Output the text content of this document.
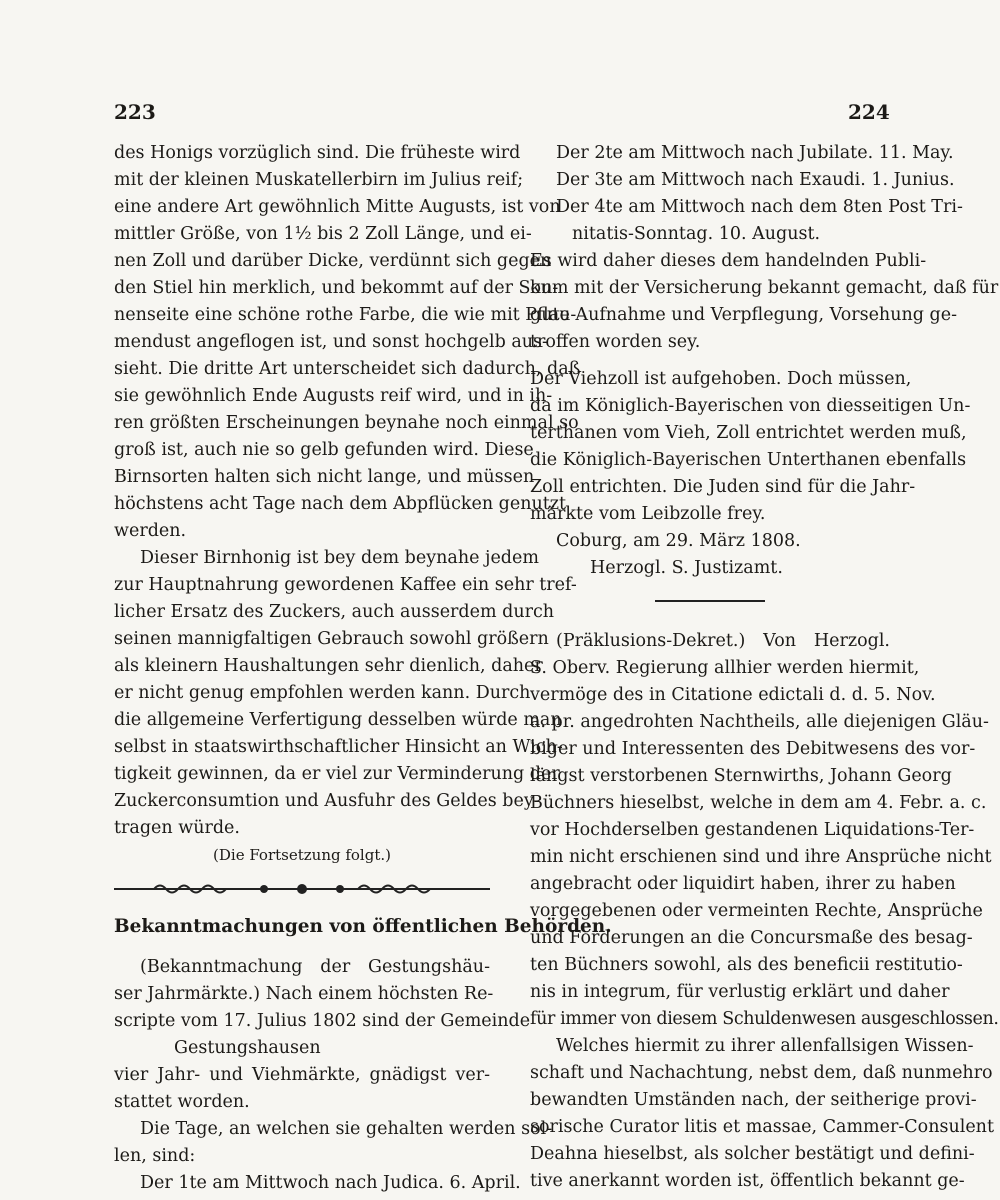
223	224
des Honigs vorzüglich sind. Die früheste wird
mit der kleinen Muskatellerbirn im Julius reif;
eine andere Art gewöhnlich Mitte Augusts, ist von
mittler Größe, von 1½ bis 2 Zoll Länge, und ei-
nen Zoll und darüber Dicke, verdünnt sich gegen
den Stiel hin merklich, und bekommt auf der Son-
nenseite eine schöne rothe Farbe, die wie mit Pflau-
mendust angeflogen ist, und sonst hochgelb aus-
sieht. Die dritte Art unterscheidet sich dadurch, daß
sie gewöhnlich Ende Augusts reif wird, und in ih-
ren größten Erscheinungen beynahe noch einmal so
groß ist, auch nie so gelb gefunden wird. Diese
Birnsorten halten sich nicht lange, und müssen
höchstens acht Tage nach dem Abpflücken genutzt
werden.
Dieser Birnhonig ist bey dem beynahe jedem
zur Hauptnahrung gewordenen Kaffee ein sehr tref-
licher Ersatz des Zuckers, auch ausserdem durch
seinen mannigfaltigen Gebrauch sowohl größern
als kleinern Haushaltungen sehr dienlich, daher
er nicht genug empfohlen werden kann. Durch
die allgemeine Verfertigung desselben würde man
selbst in staatswirthschaftlicher Hinsicht an Wich-
tigkeit gewinnen, da er viel zur Verminderung der
Zuckerconsumtion und Ausfuhr des Geldes bey-
tragen würde.
(Die Fortsetzung folgt.)
Bekanntmachungen von öffentlichen Behörden.
(Bekanntmachung der Gestungshäu-
ser Jahrmärkte.) Nach einem höchsten Re-
scripte vom 17. Julius 1802 sind der Gemeinde
Gestungshausen
vier Jahr- und Viehmärkte, gnädigst ver-
stattet worden.
Die Tage, an welchen sie gehalten werden sol-
len, sind:
Der 1te am Mittwoch nach Judica. 6. April.
Der 2te am Mittwoch nach Jubilate. 11. May.
Der 3te am Mittwoch nach Exaudi. 1. Junius.
Der 4te am Mittwoch nach dem 8ten Post Tri-
nitatis-Sonntag. 10. August.
Es wird daher dieses dem handelnden Publi-
kum mit der Versicherung bekannt gemacht, daß für
gute Aufnahme und Verpflegung, Vorsehung ge-
troffen worden sey.
Der Viehzoll ist aufgehoben. Doch müssen,
da im Königlich-Bayerischen von diesseitigen Un-
terthanen vom Vieh, Zoll entrichtet werden muß,
die Königlich-Bayerischen Unterthanen ebenfalls
Zoll entrichten. Die Juden sind für die Jahr-
märkte vom Leibzolle frey.
Coburg, am 29. März 1808.
Herzogl. S. Justizamt.
(Präklusions-Dekret.) Von Herzogl.
S. Oberv. Regierung allhier werden hiermit,
vermöge des in Citatione edictali d. d. 5. Nov.
a. pr. angedrohten Nachtheils, alle diejenigen Gläu-
biger und Interessenten des Debitwesens des vor-
längst verstorbenen Sternwirths, Johann Georg
Büchners hieselbst, welche in dem am 4. Febr. a. c.
vor Hochderselben gestandenen Liquidations-Ter-
min nicht erschienen sind und ihre Ansprüche nicht
angebracht oder liquidirt haben, ihrer zu haben
vorgegebenen oder vermeinten Rechte, Ansprüche
und Forderungen an die Concursmaße des besag-
ten Büchners sowohl, als des beneficii restitutio-
nis in integrum, für verlustig erklärt und daher
für immer von diesem Schuldenwesen ausgeschlossen.
Welches hiermit zu ihrer allenfallsigen Wissen-
schaft und Nachachtung, nebst dem, daß nunmehro
bewandten Umständen nach, der seitherige provi-
sorische Curator litis et massae, Cammer-Consulent
Deahna hieselbst, als solcher bestätigt und defini-
tive anerkannt worden ist, öffentlich bekannt ge-
